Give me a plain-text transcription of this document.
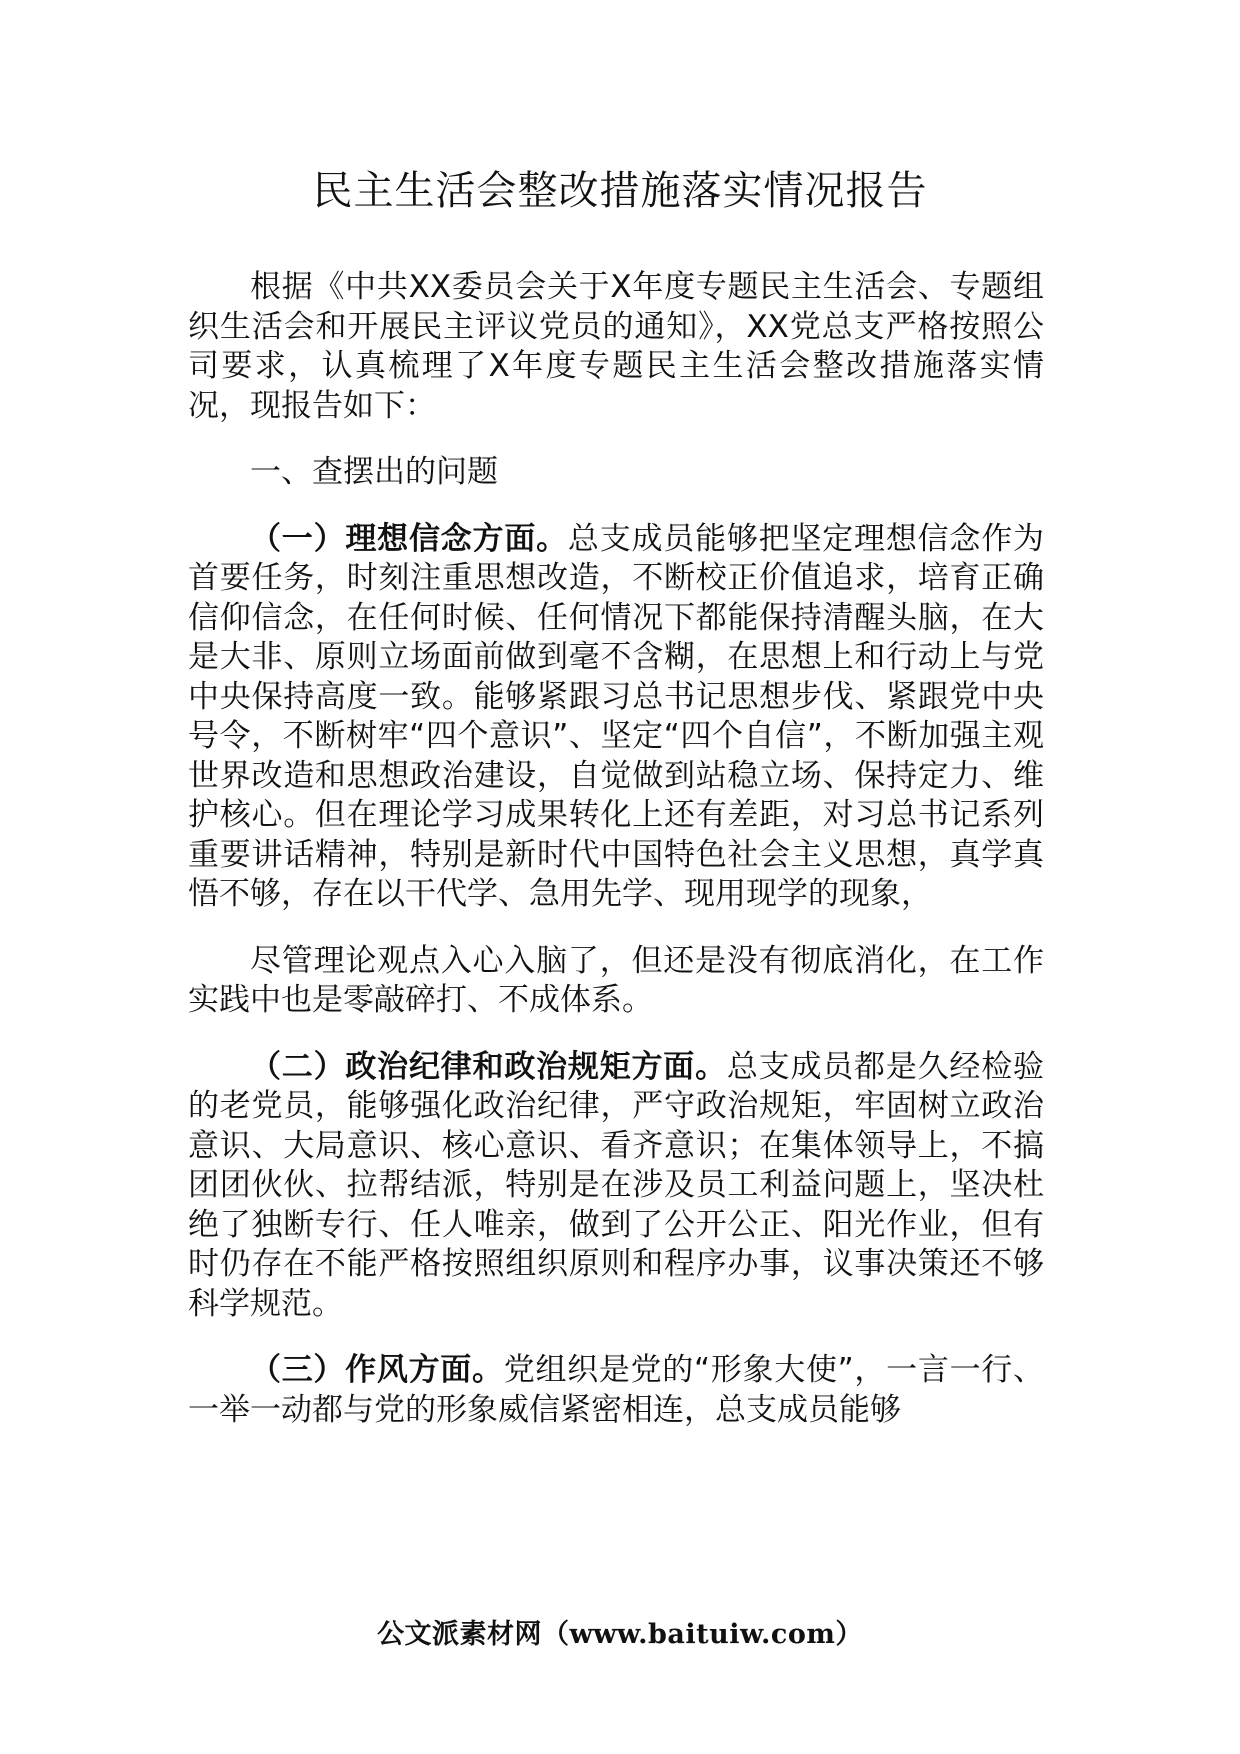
民主生活会整改措施落实情况报告

根据《中共XX委员会关于X年度专题民主生活会、专题组织生活会和开展民主评议党员的通知》，XX党总支严格按照公司要求，认真梳理了X年度专题民主生活会整改措施落实情况，现报告如下：

一、查摆出的问题

（一）理想信念方面。总支成员能够把坚定理想信念作为首要任务，时刻注重思想改造，不断校正价值追求，培育正确信仰信念，在任何时候、任何情况下都能保持清醒头脑，在大是大非、原则立场面前做到毫不含糊，在思想上和行动上与党中央保持高度一致。能够紧跟习总书记思想步伐、紧跟党中央号令，不断树牢“四个意识”、坚定“四个自信”，不断加强主观世界改造和思想政治建设，自觉做到站稳立场、保持定力、维护核心。但在理论学习成果转化上还有差距，对习总书记系列重要讲话精神，特别是新时代中国特色社会主义思想，真学真悟不够，存在以干代学、急用先学、现用现学的现象，

尽管理论观点入心入脑了，但还是没有彻底消化，在工作实践中也是零敲碎打、不成体系。

（二）政治纪律和政治规矩方面。总支成员都是久经检验的老党员，能够强化政治纪律，严守政治规矩，牢固树立政治意识、大局意识、核心意识、看齐意识；在集体领导上，不搞团团伙伙、拉帮结派，特别是在涉及员工利益问题上，坚决杜绝了独断专行、任人唯亲，做到了公开公正、阳光作业，但有时仍存在不能严格按照组织原则和程序办事，议事决策还不够科学规范。

（三）作风方面。党组织是党的“形象大使”，一言一行、一举一动都与党的形象威信紧密相连，总支成员能够

公文派素材网（www.baituiw.com）
